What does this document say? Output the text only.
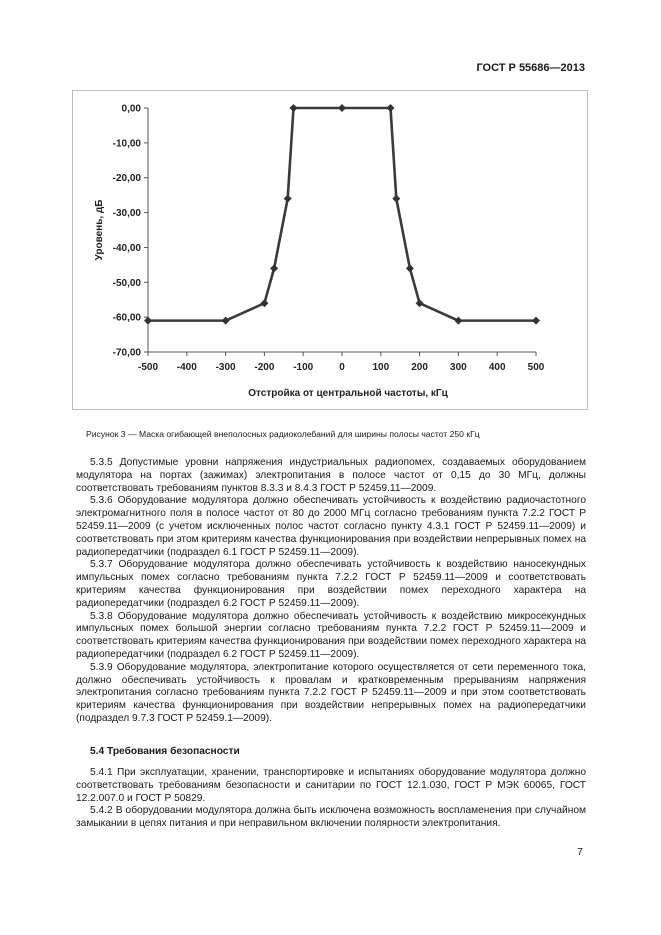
ГОСТ Р 55686—2013
0,00
-10,00
-20,00
-30,00
-40,00
-50,00
-60,00
-70,00
-500 -400 -300 -200 -100	0	100 200 300 400 500
Отстройка от центральной частоты, кГц
Уровень, дБ
Рисунок 3 — Маска огибающей внеполосных радиоколебаний для ширины полосы частот 250 кГц

5.3.5 Допустимые уровни напряжения индустриальных радиопомех, создаваемых оборудованием модулятора на портах (зажимах) электропитания в полосе частот от 0,15 до 30 МГц, должны соответствовать требованиям пунктов 8.3.3 и 8.4.3 ГОСТ Р 52459.11—2009.

5.3.6 Оборудование модулятора должно обеспечивать устойчивость к воздействию радиочастотного электромагнитного поля в полосе частот от 80 до 2000 МГц согласно требованиям пункта 7.2.2 ГОСТ Р 52459.11—2009 (с учетом исключенных полос частот согласно пункту 4.3.1 ГОСТ Р 52459.11—2009) и соответствовать при этом критериям качества функционирования при воздействии непрерывных помех на радиопередатчики (подраздел 6.1 ГОСТ Р 52459.11—2009).

5.3.7 Оборудование модулятора должно обеспечивать устойчивость к воздействию наносекундных импульсных помех согласно требованиям пункта 7.2.2 ГОСТ Р 52459.11—2009 и соответствовать критериям качества функционирования при воздействии помех переходного характера на радиопередатчики (подраздел 6.2 ГОСТ Р 52459.11—2009).

5.3.8 Оборудование модулятора должно обеспечивать устойчивость к воздействию микросекундных импульсных помех большой энергии согласно требованиям пункта 7.2.2 ГОСТ Р 52459.11—2009 и соответствовать критериям качества функционирования при воздействии помех переходного характера на радиопередатчики (подраздел 6.2 ГОСТ Р 52459.11—2009).

5.3.9 Оборудование модулятора, электропитание которого осуществляется от сети переменного тока, должно обеспечивать устойчивость к провалам и кратковременным прерываниям напряжения электропитания согласно требованиям пункта 7.2.2 ГОСТ Р 52459.11—2009 и при этом соответствовать критериям качества функционирования при воздействии непрерывных помех на радиопередатчики (подраздел 9.7.3 ГОСТ Р 52459.1—2009).

5.4 Требования безопасности

5.4.1 При эксплуатации, хранении, транспортировке и испытаниях оборудование модулятора должно соответствовать требованиям безопасности и санитарии по ГОСТ 12.1.030, ГОСТ Р МЭК 60065, ГОСТ 12.2.007.0 и ГОСТ Р 50829.

5.4.2 В оборудовании модулятора должна быть исключена возможность воспламенения при случайном замыкании в цепях питания и при неправильном включении полярности электропитания.

7
